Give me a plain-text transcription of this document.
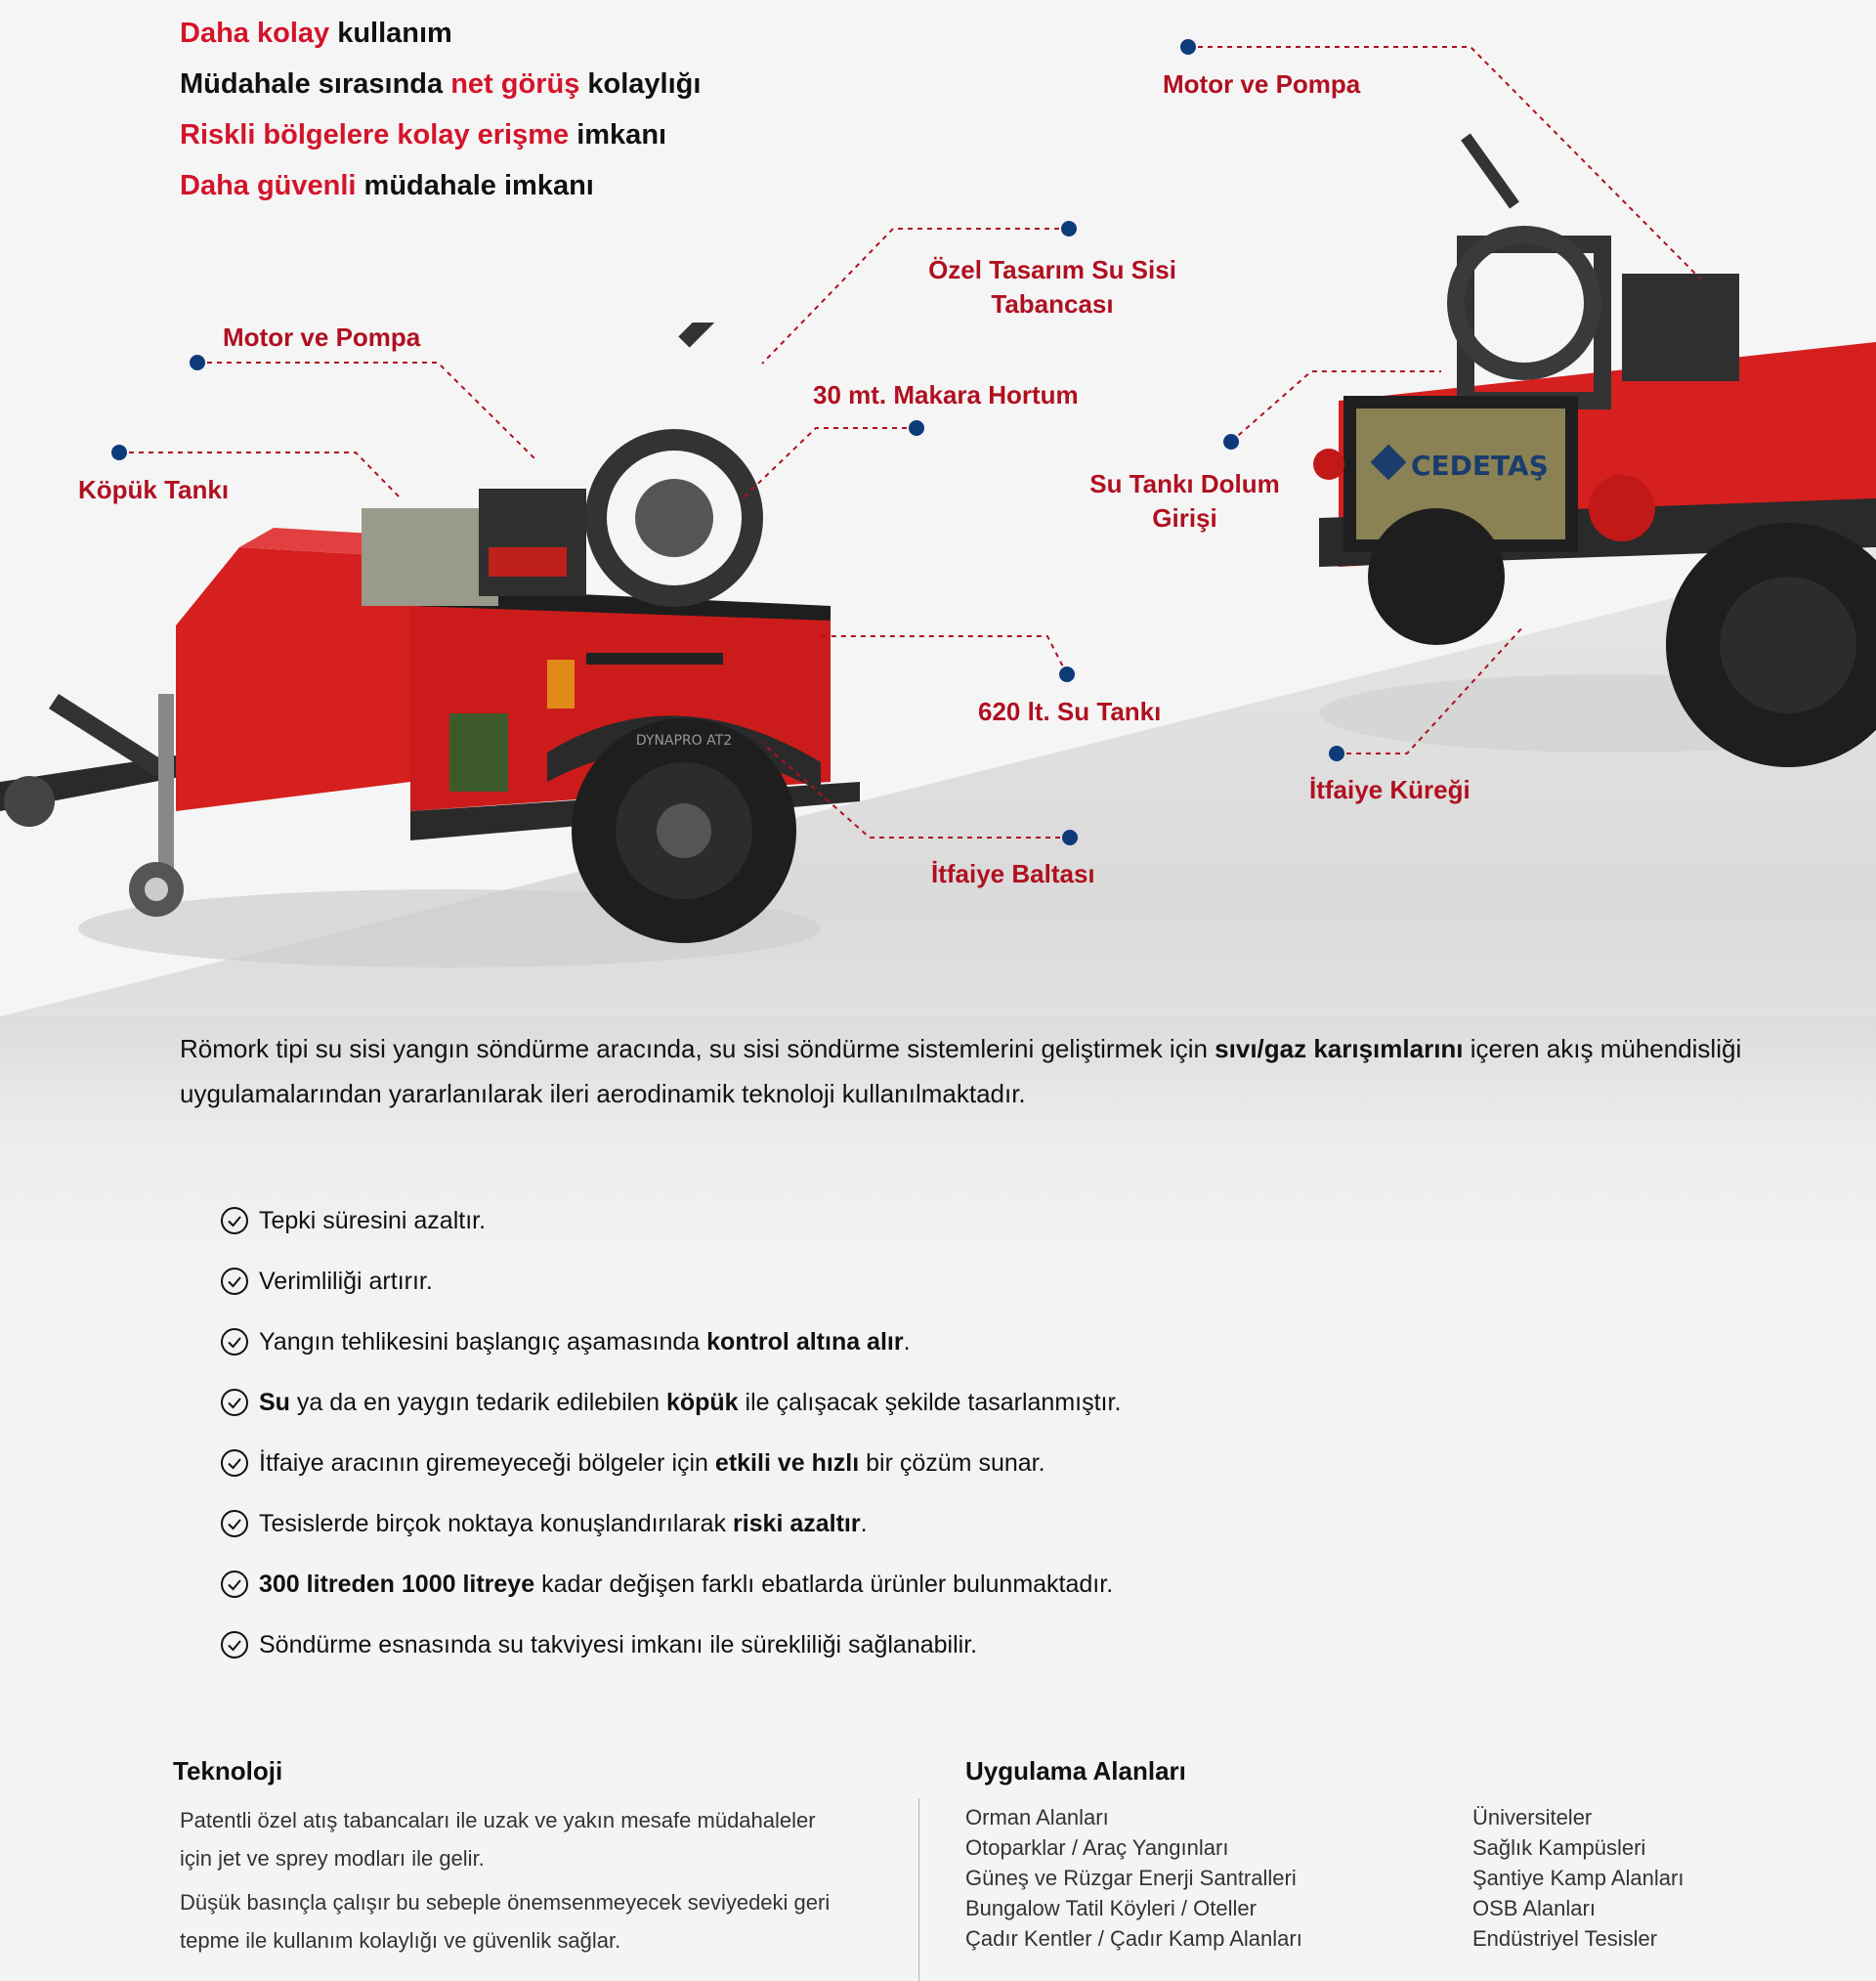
Daha kolay kullanım
Müdahale sırasında net görüş kolaylığı
Riskli bölgelere kolay erişme imkanı
Daha güvenli müdahale imkanı
DYNAPRO AT2
CEDETAŞ
Motor ve Pompa
Köpük Tankı
Özel Tasarım Su Sisi
Tabancası
30 mt. Makara Hortum
620 lt. Su Tankı
İtfaiye Baltası
Motor ve Pompa
Su Tankı Dolum
Girişi
İtfaiye Küreği
Römork tipi su sisi yangın söndürme aracında, su sisi söndürme sistemlerini geliştirmek için sıvı/gaz karışımlarını içeren akış mühendisliği uygulamalarından yararlanılarak ileri aerodinamik teknoloji kullanılmaktadır.
Tepki süresini azaltır.
Verimliliği artırır.
Yangın tehlikesini başlangıç aşamasında kontrol altına alır.
Su ya da en yaygın tedarik edilebilen köpük ile çalışacak şekilde tasarlanmıştır.
İtfaiye aracının giremeyeceği bölgeler için etkili ve hızlı bir çözüm sunar.
Tesislerde birçok noktaya konuşlandırılarak riski azaltır.
300 litreden 1000 litreye kadar değişen farklı ebatlarda ürünler bulunmaktadır.
Söndürme esnasında su takviyesi imkanı ile sürekliliği sağlanabilir.
Teknoloji
Patentli özel atış tabancaları ile uzak ve yakın mesafe müdahaleler
için jet ve sprey modları ile gelir.
Düşük basınçla çalışır bu sebeple önemsenmeyecek seviyedeki geri
tepme ile kullanım kolaylığı ve güvenlik sağlar.
Uygulama Alanları
Orman Alanları
Otoparklar / Araç Yangınları
Güneş ve Rüzgar Enerji Santralleri
Bungalow Tatil Köyleri / Oteller
Çadır Kentler / Çadır Kamp Alanları
Üniversiteler
Sağlık Kampüsleri
Şantiye Kamp Alanları
OSB Alanları
Endüstriyel Tesisler
